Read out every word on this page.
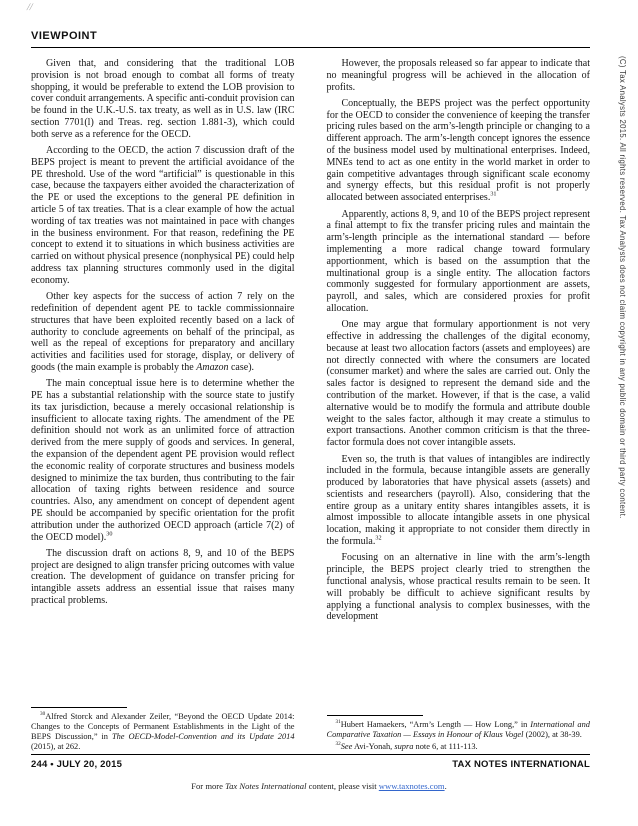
//
VIEWPOINT

Given that, and considering that the traditional LOB provision is not broad enough to combat all forms of treaty shopping, it would be preferable to extend the LOB provision to cover conduit arrangements. A specific anti-conduit provision can be found in the U.K.-U.S. tax treaty, as well as in U.S. law (IRC section 7701(l) and Treas. reg. section 1.881-3), which could both serve as a reference for the OECD.

According to the OECD, the action 7 discussion draft of the BEPS project is meant to prevent the artificial avoidance of the PE threshold. Use of the word “artificial” is questionable in this case, because the taxpayers either avoided the characterization of the PE or used the exceptions to the general PE definition in article 5 of tax treaties. That is a clear example of how the actual wording of tax treaties was not maintained in pace with changes in the business environment. For that reason, redefining the PE concept to extend it to situations in which business activities are carried on without physical presence (nonphysical PE) could help address tax planning structures commonly used in the digital economy.

Other key aspects for the success of action 7 rely on the redefinition of dependent agent PE to tackle commissionnaire structures that have been exploited recently based on a lack of authority to conclude agreements on behalf of the principal, as well as the repeal of exceptions for preparatory and ancillary activities and facilities used for storage, display, or delivery of goods (the main example is probably the Amazon case).

The main conceptual issue here is to determine whether the PE has a substantial relationship with the source state to justify its tax jurisdiction, because a merely occasional relationship is insufficient to allocate taxing rights. The amendment of the PE definition should not work as an unlimited force of attraction derived from the mere supply of goods and services. In general, the expansion of the dependent agent PE provision would reflect the economic reality of corporate structures and business models designed to minimize the tax burden, thus contributing to the fair allocation of taxing rights between residence and source countries. Also, any amendment on concept of dependent agent PE should be accompanied by specific orientation for the profit attribution under the authorized OECD approach (article 7(2) of the OECD model).$^{30}$

The discussion draft on actions 8, 9, and 10 of the BEPS project are designed to align transfer pricing outcomes with value creation. The development of guidance on transfer pricing for intangible assets address an essential issue that raises many practical problems.

$^{30}$Alfred Storck and Alexander Zeiler, “Beyond the OECD Update 2014: Changes to the Concepts of Permanent Establishments in the Light of the BEPS Discussion,” in The OECD-Model-Convention and its Update 2014 (2015), at 262.

However, the proposals released so far appear to indicate that no meaningful progress will be achieved in the allocation of profits.

Conceptually, the BEPS project was the perfect opportunity for the OECD to consider the convenience of keeping the transfer pricing rules based on the arm’s-length principle or changing to a different approach. The arm’s-length concept ignores the essence of the business model used by multinational enterprises. Indeed, MNEs tend to act as one entity in the world market in order to gain competitive advantages through significant scale economy and synergy effects, but this residual profit is not properly allocated between associated enterprises.$^{31}$

Apparently, actions 8, 9, and 10 of the BEPS project represent a final attempt to fix the transfer pricing rules and maintain the arm’s-length principle as the international standard — before implementing a more radical change toward formulary apportionment, which is based on the assumption that the multinational group is a single entity. The allocation factors commonly suggested for formulary apportionment are assets, payroll, and sales, which are considered proxies for profit allocation.

One may argue that formulary apportionment is not very effective in addressing the challenges of the digital economy, because at least two allocation factors (assets and employees) are not directly connected with where the consumers are located (consumer market) and where the sales are carried out. Only the sales factor is designed to represent the demand side and the contribution of the market. However, if that is the case, a valid alternative would be to modify the formula and attribute double weight to the sales factor, although it may create a stimulus to export transactions. Another common criticism is that the three-factor formula does not cover intangible assets.

Even so, the truth is that values of intangibles are indirectly included in the formula, because intangible assets are generally produced by laboratories that have physical assets (assets) and scientists and researchers (payroll). Also, considering that the entire group as a unitary entity shares intangibles assets, it is almost impossible to allocate intangible assets in one physical location, making it appropriate to not consider them directly in the formula.$^{32}$

Focusing on an alternative in line with the arm’s-length principle, the BEPS project clearly tried to strengthen the functional analysis, whose practical results remain to be seen. It will probably be difficult to achieve significant results by applying a functional analysis to complex businesses, with the development

$^{31}$Hubert Hamaekers, “Arm’s Length — How Long,” in International and Comparative Taxation — Essays in Honour of Klaus Vogel (2002), at 38-39.

$^{32}$See Avi-Yonah, supra note 6, at 111-113.

(C) Tax Analysts 2015. All rights reserved. Tax Analysts does not claim copyright in any public domain or third party content.
244 • JULY 20, 2015	TAX NOTES INTERNATIONAL
For more Tax Notes International content, please visit www.taxnotes.com.
